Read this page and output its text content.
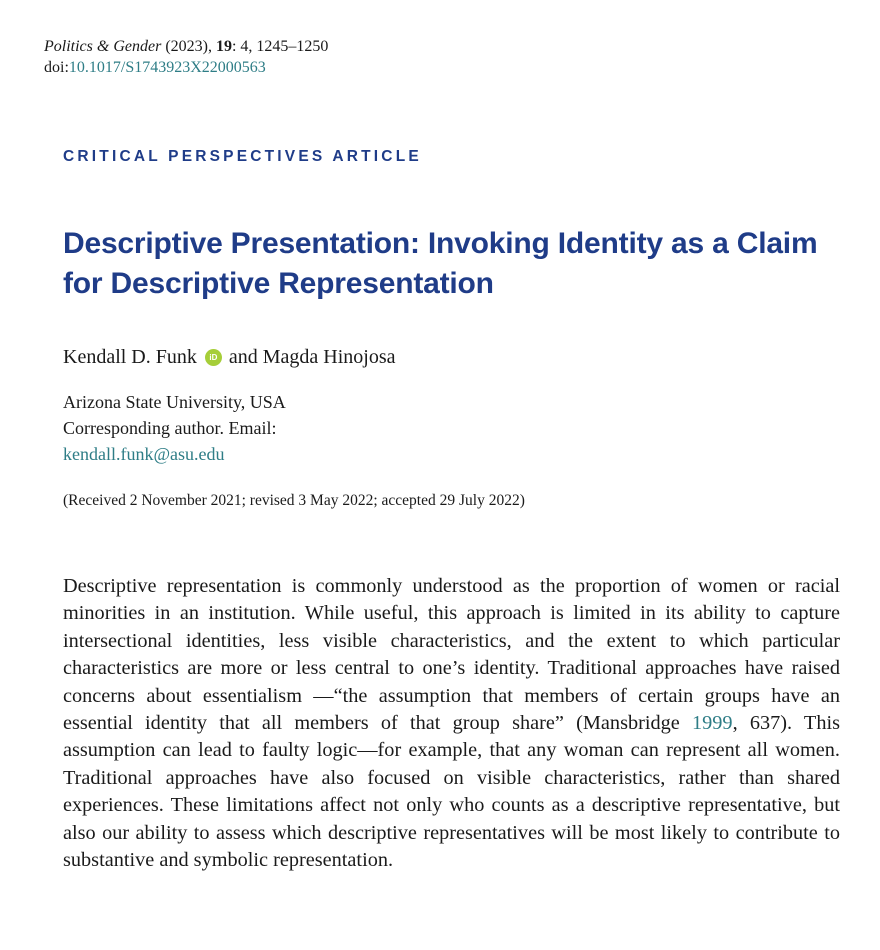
Politics & Gender (2023), 19: 4, 1245–1250
doi:10.1017/S1743923X22000563
CRITICAL PERSPECTIVES ARTICLE
Descriptive Presentation: Invoking Identity as a Claim for Descriptive Representation
Kendall D. Funk iD and Magda Hinojosa
Arizona State University, USA
Corresponding author. Email:
kendall.funk@asu.edu
(Received 2 November 2021; revised 3 May 2022; accepted 29 July 2022)

Descriptive representation is commonly understood as the proportion of women or racial minorities in an institution. While useful, this approach is limited in its ability to capture intersectional identities, less visible characteristics, and the extent to which particular characteristics are more or less central to one’s identity. Traditional approaches have raised concerns about essentialism —“the assumption that members of certain groups have an essential identity that all members of that group share” (Mansbridge 1999, 637). This assumption can lead to faulty logic—for example, that any woman can represent all women. Traditional approaches have also focused on visible characteristics, rather than shared experiences. These limitations affect not only who counts as a descriptive representative, but also our ability to assess which descriptive representatives will be most likely to contribute to substantive and symbolic representation.
